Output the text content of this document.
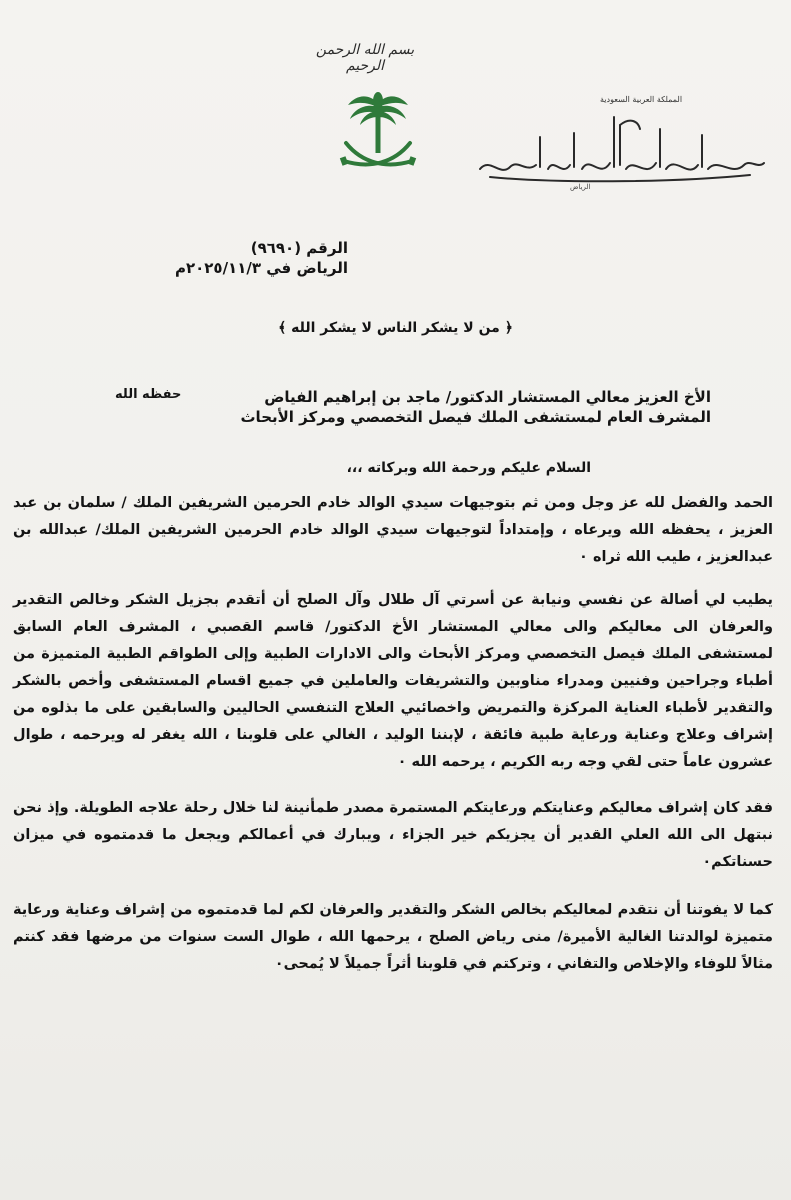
بسم الله الرحمن الرحيم
المملكة العربية السعودية
الرياض
الرقم (٩٦٩٠)
الرياض في ٢٠٢٥/١١/٣م
﴿ من لا يشكر الناس لا يشكر الله ﴾
الأخ العزيز معالي المستشار الدكتور/ ماجد بن إبراهيم الفياض
المشرف العام لمستشفى الملك فيصل التخصصي ومركز الأبحاث
حفظه الله
السلام عليكم ورحمة الله وبركاته ،،،
الحمد والفضل لله عز وجل ومن ثم بتوجيهات سيدي الوالد خادم الحرمين الشريفين الملك / سلمان بن عبد العزيز ، يحفظه الله ويرعاه ، وإمتداداً لتوجيهات سيدي الوالد خادم الحرمين الشريفين الملك/ عبدالله بن عبدالعزيز ، طيب الله ثراه ٠
يطيب لي أصالة عن نفسي ونيابة عن أسرتي آل طلال وآل الصلح أن أتقدم بجزيل الشكر وخالص التقدير والعرفان الى معاليكم والى معالي المستشار الأخ الدكتور/ قاسم القصبي ، المشرف العام السابق لمستشفى الملك فيصل التخصصي ومركز الأبحاث والى الادارات الطبية وإلى الطواقم الطبية المتميزة من أطباء وجراحين وفنيين ومدراء مناوبين والتشريفات والعاملين في جميع اقسام المستشفى وأخص بالشكر والتقدير لأطباء العناية المركزة والتمريض واخصائيي العلاج التنفسي الحاليين والسابقين على ما بذلوه من إشراف وعلاج وعناية ورعاية طبية فائقة ، لإبننا الوليد ، الغالي على قلوبنا ، الله يغفر له ويرحمه ، طوال عشرون عاماً حتى لقي وجه ربه الكريم ، يرحمه الله ٠
فقد كان إشراف معاليكم وعنايتكم ورعايتكم المستمرة مصدر طمأنينة لنا خلال رحلة علاجه الطويلة. وإذ نحن نبتهل الى الله العلي القدير أن يجزيكم خير الجزاء ، ويبارك في أعمالكم ويجعل ما قدمتموه في ميزان حسناتكم٠
كما لا يفوتنا أن نتقدم لمعاليكم بخالص الشكر والتقدير والعرفان لكم لما قدمتموه من إشراف وعناية ورعاية متميزة لوالدتنا الغالية الأميرة/ منى رياض الصلح ، يرحمها الله ، طوال الست سنوات من مرضها فقد كنتم مثالاً للوفاء والإخلاص والتفاني ، وتركتم في قلوبنا أثراً جميلاً لا يُمحى٠
